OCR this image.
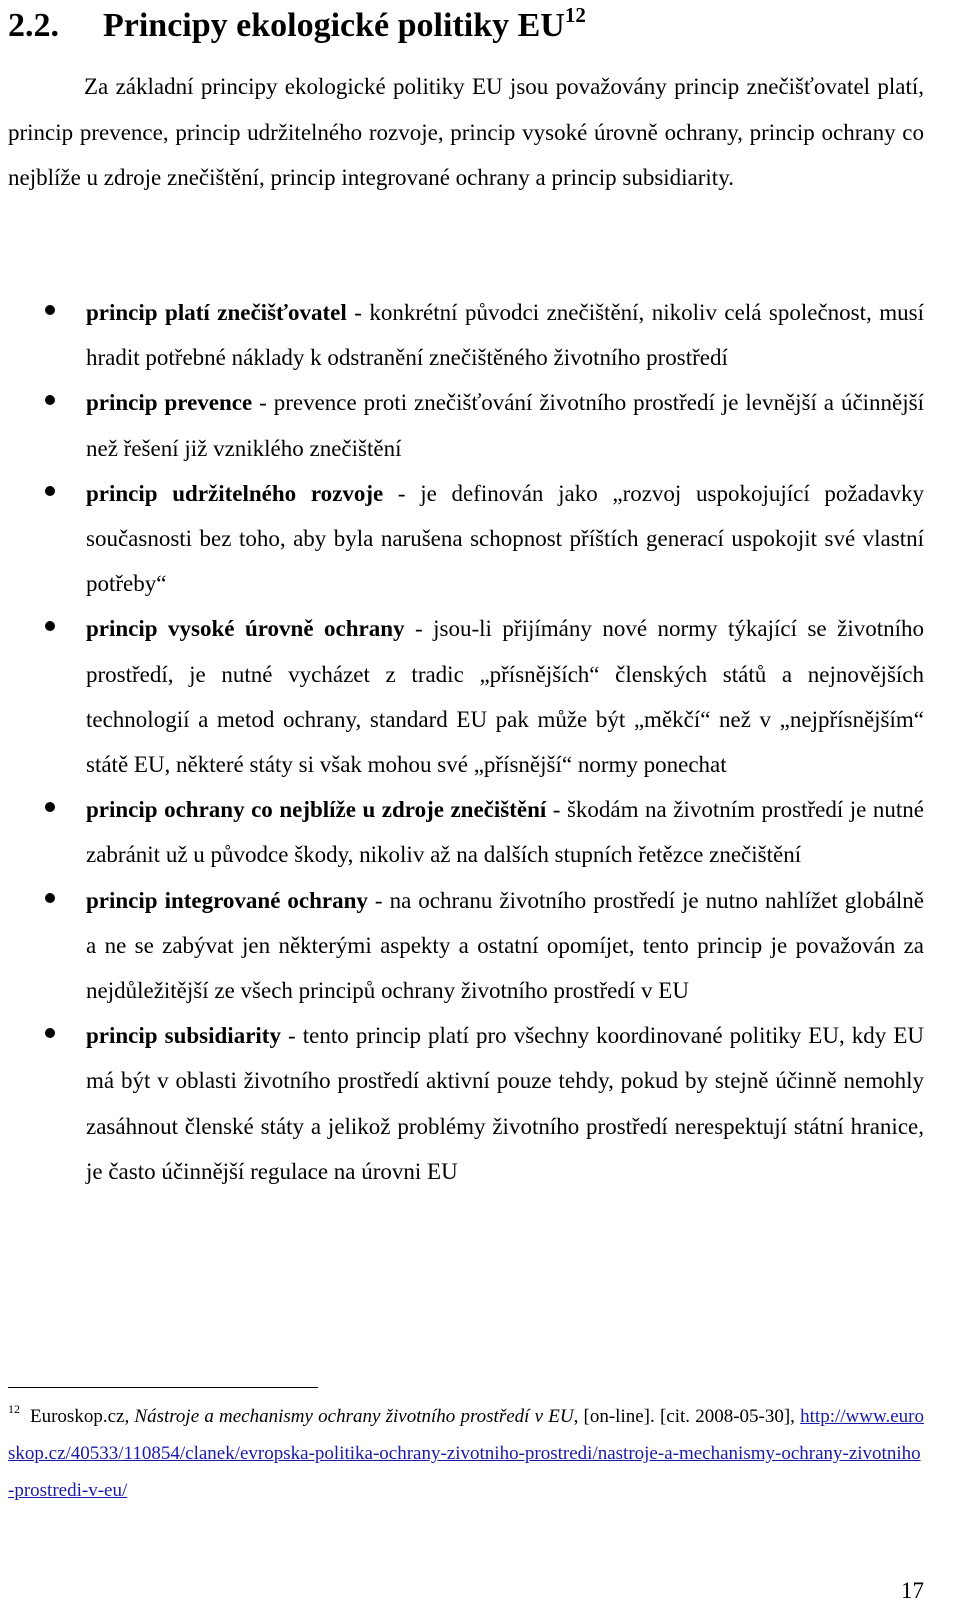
2.2. Principy ekologické politiky EU$^{12}$

Za základní principy ekologické politiky EU jsou považovány princip znečišťovatel platí, princip prevence, princip udržitelného rozvoje, princip vysoké úrovně ochrany, princip ochrany co nejblíže u zdroje znečištění, princip integrované ochrany a princip subsidiarity.

princip platí znečišťovatel - konkrétní původci znečištění, nikoliv celá společnost, musí hradit potřebné náklady k odstranění znečištěného životního prostředí
princip prevence - prevence proti znečišťování životního prostředí je levnější a účinnější než řešení již vzniklého znečištění
princip udržitelného rozvoje - je definován jako „rozvoj uspokojující požadavky současnosti bez toho, aby byla narušena schopnost příštích generací uspokojit své vlastní potřeby“
princip vysoké úrovně ochrany - jsou-li přijímány nové normy týkající se životního prostředí, je nutné vycházet z tradic „přísnějších“ členských států a nejnovějších technologií a metod ochrany, standard EU pak může být „měkčí“ než v „nejpřísnějším“ státě EU, některé státy si však mohou své „přísnější“ normy ponechat
princip ochrany co nejblíže u zdroje znečištění - škodám na životním prostředí je nutné zabránit už u původce škody, nikoliv až na dalších stupních řetězce znečištění
princip integrované ochrany - na ochranu životního prostředí je nutno nahlížet globálně a ne se zabývat jen některými aspekty a ostatní opomíjet, tento princip je považován za nejdůležitější ze všech principů ochrany životního prostředí v EU
princip subsidiarity - tento princip platí pro všechny koordinované politiky EU, kdy EU má být v oblasti životního prostředí aktivní pouze tehdy, pokud by stejně účinně nemohly zasáhnout členské státy a jelikož problémy životního prostředí nerespektují státní hranice, je často účinnější regulace na úrovni EU

$^{12}$ Euroskop.cz, Nástroje a mechanismy ochrany životního prostředí v EU, [on-line]. [cit. 2008-05-30], http://www.euroskop.cz/40533/110854/clanek/evropska-politika-ochrany-zivotniho-prostredi/nastroje-a-mechanismy-ochrany-zivotniho-prostredi-v-eu/

17
